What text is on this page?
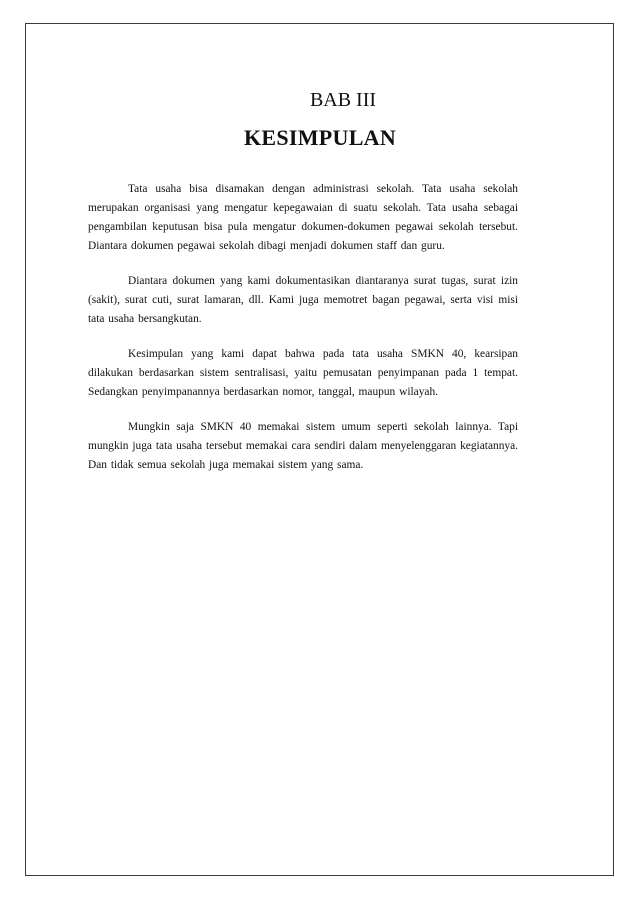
BAB III
KESIMPULAN

Tata usaha bisa disamakan dengan administrasi sekolah. Tata usaha sekolah merupakan organisasi yang mengatur kepegawaian di suatu sekolah. Tata usaha sebagai pengambilan keputusan bisa pula mengatur dokumen-dokumen pegawai sekolah tersebut. Diantara dokumen pegawai sekolah dibagi menjadi dokumen staff dan guru.

Diantara dokumen yang kami dokumentasikan diantaranya surat tugas, surat izin (sakit), surat cuti, surat lamaran, dll. Kami juga memotret bagan pegawai, serta visi misi tata usaha bersangkutan.

Kesimpulan yang kami dapat bahwa pada tata usaha SMKN 40, kearsipan dilakukan berdasarkan sistem sentralisasi, yaitu pemusatan penyimpanan pada 1 tempat. Sedangkan penyimpanannya berdasarkan nomor, tanggal, maupun wilayah.

Mungkin saja SMKN 40 memakai sistem umum seperti sekolah lainnya. Tapi mungkin juga tata usaha tersebut memakai cara sendiri dalam menyelenggaran kegiatannya. Dan tidak semua sekolah juga memakai sistem yang sama.
